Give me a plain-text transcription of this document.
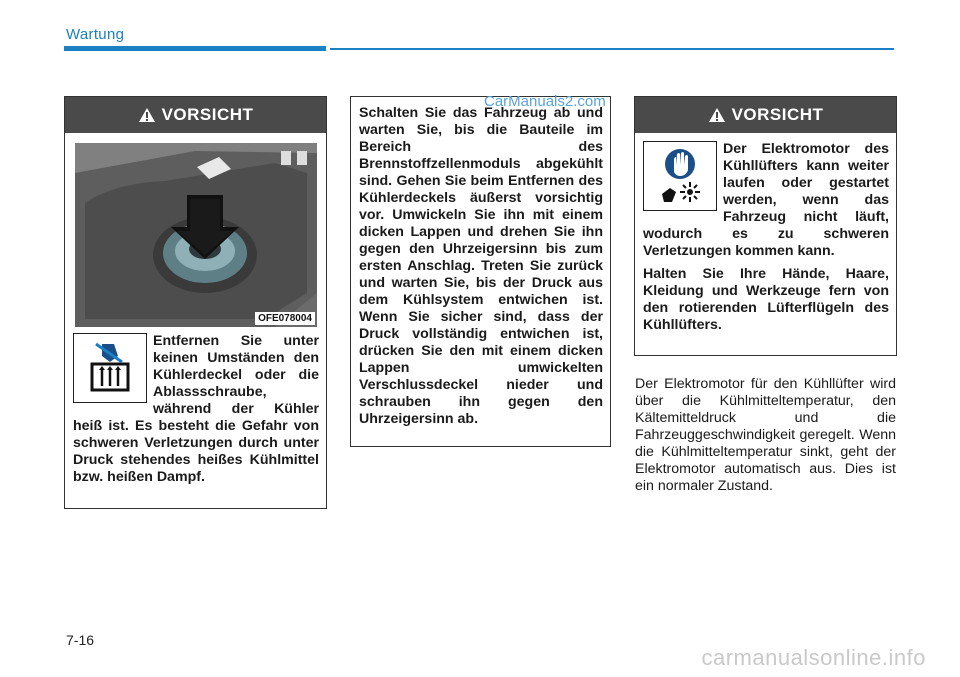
Wartung
VORSICHT
OFE078004

Entfernen Sie unter keinen Umständen den Kühlerdeckel oder die Ablassschraube, während der Kühler heiß ist. Es besteht die Gefahr von schweren Verletzungen durch unter Druck stehendes heißes Kühlmittel bzw. heißen Dampf.

Schalten Sie das Fahrzeug ab und warten Sie, bis die Bauteile im Bereich des Brennstoffzellenmoduls abgekühlt sind. Gehen Sie beim Entfernen des Kühlerdeckels äußerst vorsichtig vor. Umwickeln Sie ihn mit einem dicken Lappen und drehen Sie ihn gegen den Uhrzeigersinn bis zum ersten Anschlag. Treten Sie zurück und warten Sie, bis der Druck aus dem Kühlsystem entwichen ist. Wenn Sie sicher sind, dass der Druck vollständig entwichen ist, drücken Sie den mit einem dicken Lappen umwickelten Verschlussdeckel nieder und schrauben ihn gegen den Uhrzeigersinn ab.

VORSICHT

Der Elektromotor des Kühllüfters kann weiter laufen oder gestartet werden, wenn das Fahrzeug nicht läuft, wodurch es zu schweren Verletzungen kommen kann.

Halten Sie Ihre Hände, Haare, Kleidung und Werkzeuge fern von den rotierenden Lüfterflügeln des Kühllüfters.

Der Elektromotor für den Kühllüfter wird über die Kühlmitteltemperatur, den Kältemitteldruck und die Fahrzeuggeschwindigkeit geregelt. Wenn die Kühlmitteltemperatur sinkt, geht der Elektromotor automatisch aus. Dies ist ein normaler Zustand.

7-16
CarManuals2.com
carmanualsonline.info
